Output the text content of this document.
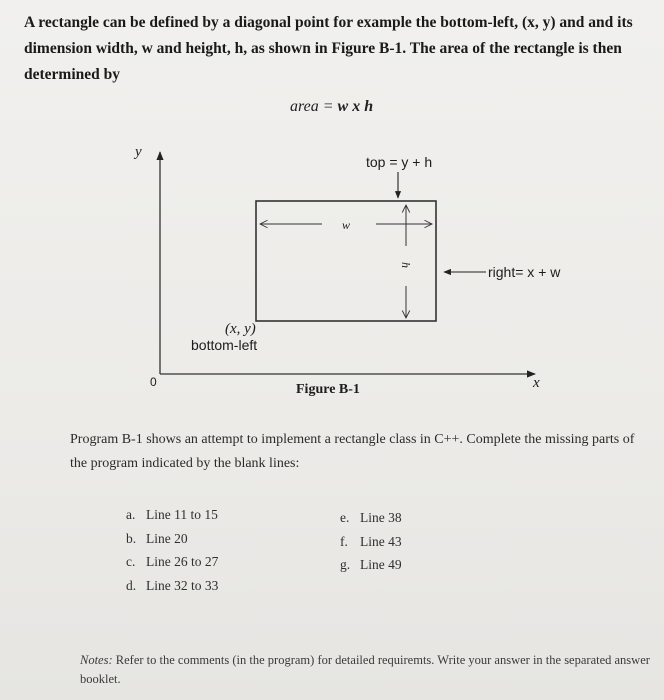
A rectangle can be defined by a diagonal point for example the bottom-left, (x, y) and and its dimension width, w and height, h, as shown in Figure B-1. The area of the rectangle is then determined by
area = w x h
y
x
0
w
h
top = y + h
right= x + w
(x, y)
bottom-left
Figure B-1
Program B-1 shows an attempt to implement a rectangle class in C++. Complete the missing parts of the program indicated by the blank lines:
a. Line 11 to 15
b. Line 20
c. Line 26 to 27
d. Line 32 to 33
e. Line 38
f. Line 43
g. Line 49
Notes: Refer to the comments (in the program) for detailed requiremts. Write your answer in the separated answer booklet.
